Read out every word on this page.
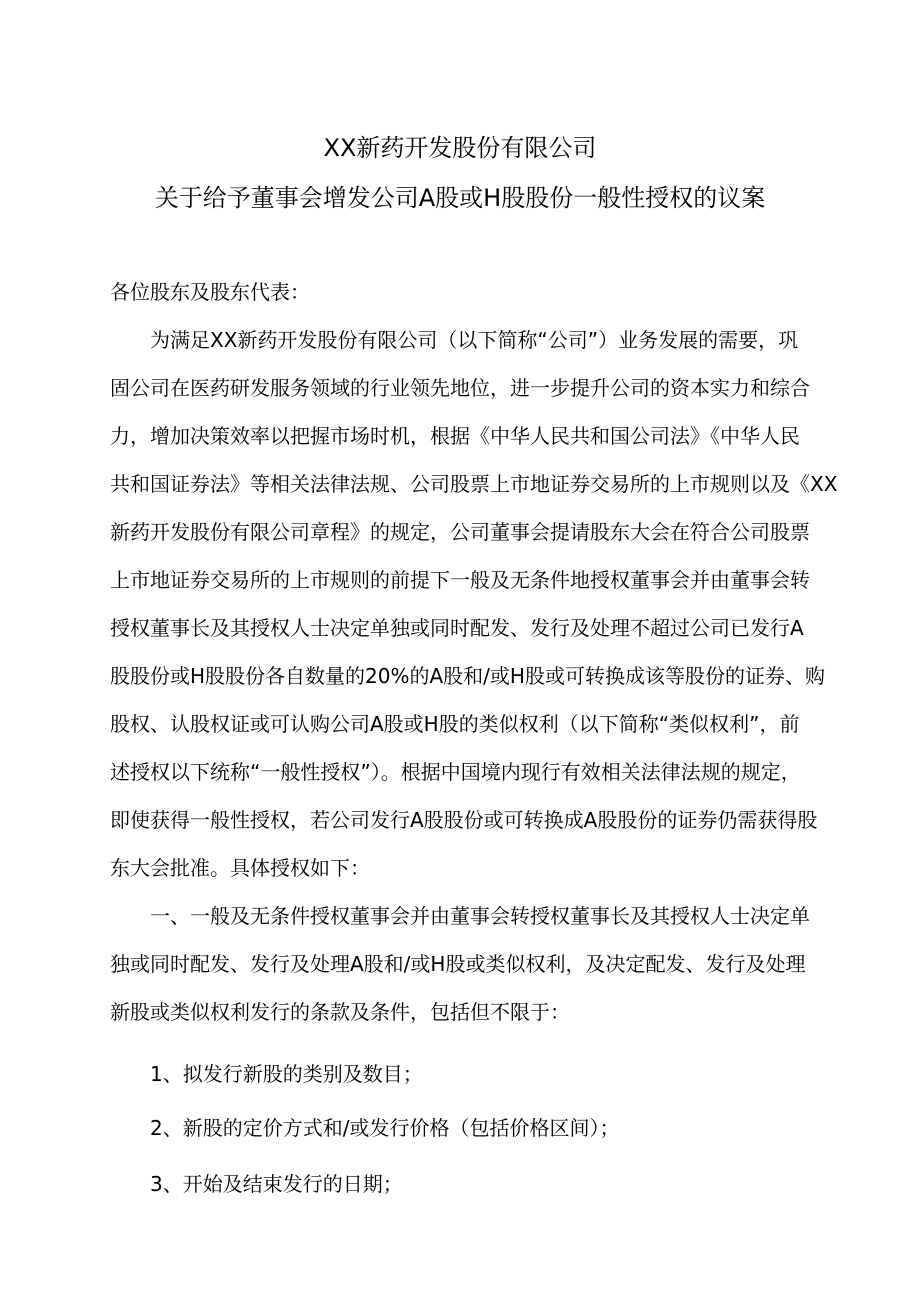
XX新药开发股份有限公司
关于给予董事会增发公司A股或H股股份一般性授权的议案
各位股东及股东代表：
为满足XX新药开发股份有限公司（以下简称“公司”）业务发展的需要，巩
固公司在医药研发服务领域的行业领先地位，进一步提升公司的资本实力和综合
力，增加决策效率以把握市场时机，根据《中华人民共和国公司法》《中华人民
共和国证券法》等相关法律法规、公司股票上市地证券交易所的上市规则以及《XX
新药开发股份有限公司章程》的规定，公司董事会提请股东大会在符合公司股票
上市地证券交易所的上市规则的前提下一般及无条件地授权董事会并由董事会转
授权董事长及其授权人士决定单独或同时配发、发行及处理不超过公司已发行A
股股份或H股股份各自数量的20%的A股和/或H股或可转换成该等股份的证券、购
股权、认股权证或可认购公司A股或H股的类似权利（以下简称“类似权利”，前
述授权以下统称“一般性授权”）。根据中国境内现行有效相关法律法规的规定，
即使获得一般性授权，若公司发行A股股份或可转换成A股股份的证券仍需获得股
东大会批准。具体授权如下：
一、一般及无条件授权董事会并由董事会转授权董事长及其授权人士决定单
独或同时配发、发行及处理A股和/或H股或类似权利，及决定配发、发行及处理
新股或类似权利发行的条款及条件，包括但不限于：
1、拟发行新股的类别及数目；
2、新股的定价方式和/或发行价格（包括价格区间）；
3、开始及结束发行的日期；
